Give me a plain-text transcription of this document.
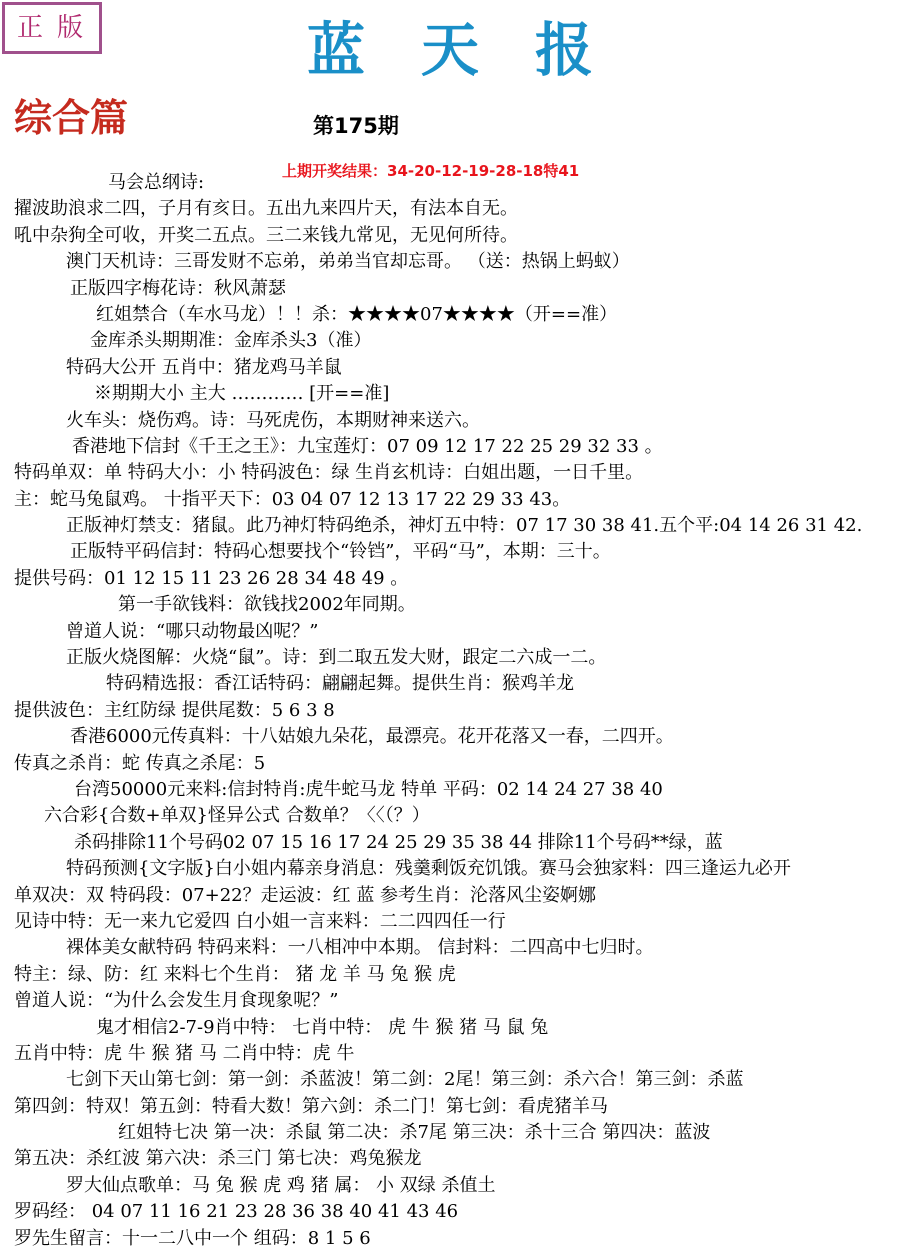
正版	蓝天报
综合篇	第175期
上期开奖结果：34-20-12-19-28-18特41
马会总纲诗:
擢波助浪求二四，子月有亥日。五出九来四片天，有法本自无。
吼中杂狗全可收，开奖二五点。三二来钱九常见，无见何所待。
澳门天机诗：三哥发财不忘弟，弟弟当官却忘哥。 （送：热锅上蚂蚁）
正版四字梅花诗：秋风萧瑟
红姐禁合（车水马龙）！！杀：★★★★07★★★★（开==准）
金库杀头期期准：金库杀头3（准）
特码大公开 五肖中：猪龙鸡马羊鼠
※期期大小 主大 ………… [开==准]
火车头：烧伤鸡。诗：马死虎伤，本期财神来送六。
香港地下信封《千王之王》：九宝莲灯：07 09 12 17 22 25 29 32 33 。
特码单双：单 特码大小：小 特码波色：绿 生肖玄机诗：白姐出题，一日千里。
主：蛇马兔鼠鸡。 十指平天下：03 04 07 12 13 17 22 29 33 43。
正版神灯禁支：猪鼠。此乃神灯特码绝杀，神灯五中特：07 17 30 38 41.五个平:04 14 26 31 42.
正版特平码信封：特码心想要找个“铃铛”，平码“马”，本期：三十。
提供号码：01 12 15 11 23 26 28 34 48 49 。
第一手欲钱料：欲钱找2002年同期。
曾道人说：“哪只动物最凶呢？”
正版火烧图解：火烧“鼠”。诗：到二取五发大财，跟定二六成一二。
特码精选报：香江话特码：翩翩起舞。提供生肖：猴鸡羊龙
提供波色：主红防绿 提供尾数：5 6 3 8
香港6000元传真料：十八姑娘九朵花，最漂亮。花开花落又一春，二四开。
传真之杀肖：蛇 传真之杀尾：5
台湾50000元来料:信封特肖:虎牛蛇马龙 特单 平码：02 14 24 27 38 40
六合彩{合数+单双}怪异公式 合数单？〈〈（？）
杀码排除11个号码02 07 15 16 17 24 25 29 35 38 44 排除11个号码**绿，蓝
特码预测{文字版}白小姐内幕亲身消息：残羹剩饭充饥饿。赛马会独家料：四三逢运九必开
单双决：双 特码段：07+22？走运波：红 蓝 参考生肖：沦落风尘姿婀娜
见诗中特：无一来九它爱四 白小姐一言来料：二二四四任一行
裸体美女献特码 特码来料：一八相冲中本期。 信封料：二四高中七归时。
特主：绿、防：红 来料七个生肖： 猪 龙 羊 马 兔 猴 虎
曾道人说：“为什么会发生月食现象呢？”
鬼才相信2-7-9肖中特： 七肖中特： 虎 牛 猴 猪 马 鼠 兔
五肖中特：虎 牛 猴 猪 马 二肖中特：虎 牛
七剑下天山第七剑：第一剑：杀蓝波！第二剑：2尾！第三剑：杀六合！第三剑：杀蓝
第四剑：特双！第五剑：特看大数！第六剑：杀二门！第七剑：看虎猪羊马
红姐特七决 第一决：杀鼠 第二决：杀7尾 第三决：杀十三合 第四决：蓝波
第五决：杀红波 第六决：杀三门 第七决：鸡兔猴龙
罗大仙点歌单：马 兔 猴 虎 鸡 猪 属： 小 双绿 杀值土
罗码经： 04 07 11 16 21 23 28 36 38 40 41 43 46
罗先生留言：十一二八中一个 组码：8 1 5 6
